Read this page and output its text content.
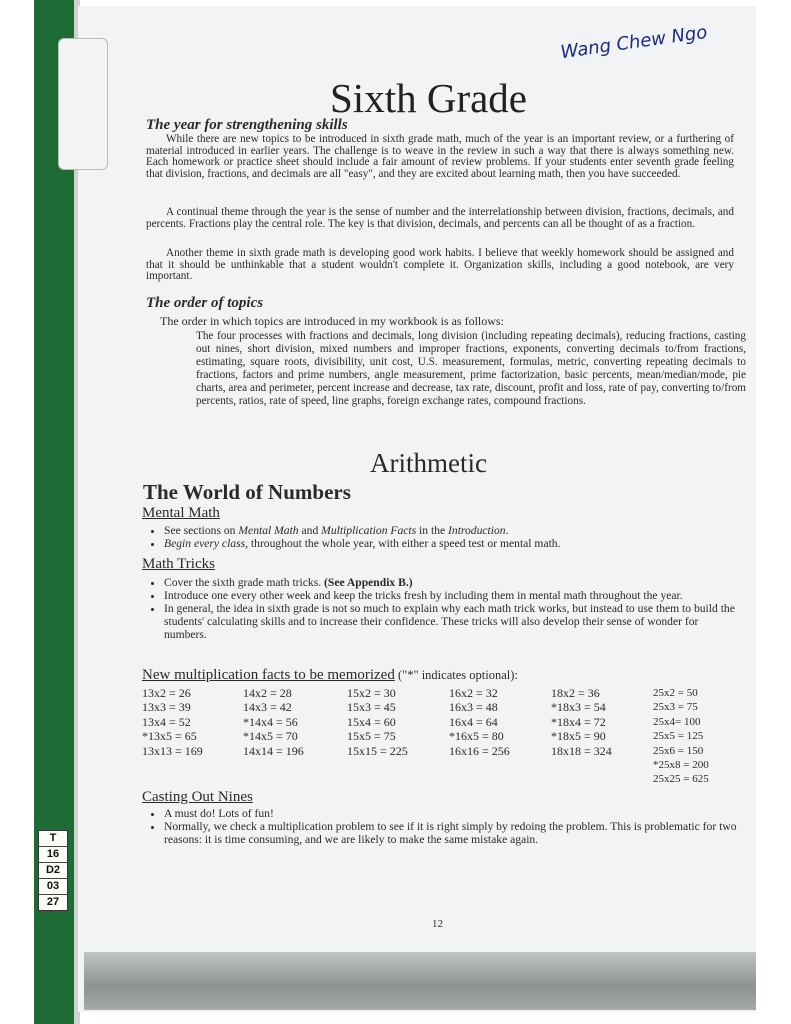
T
16
D2
03
27
Wang Chew Ngo
Sixth Grade
The year for strengthening skills
While there are new topics to be introduced in sixth grade math, much of the year is an important review, or a furthering of material introduced in earlier years. The challenge is to weave in the review in such a way that there is always something new. Each homework or practice sheet should include a fair amount of review problems. If your students enter seventh grade feeling that division, fractions, and decimals are all "easy", and they are excited about learning math, then you have succeeded.
A continual theme through the year is the sense of number and the interrelationship between division, fractions, decimals, and percents. Fractions play the central role. The key is that division, decimals, and percents can all be thought of as a fraction.
Another theme in sixth grade math is developing good work habits. I believe that weekly homework should be assigned and that it should be unthinkable that a student wouldn't complete it. Organization skills, including a good notebook, are very important.
The order of topics
The order in which topics are introduced in my workbook is as follows:
The four processes with fractions and decimals, long division (including repeating decimals), reducing fractions, casting out nines, short division, mixed numbers and improper fractions, exponents, converting decimals to/from fractions, estimating, square roots, divisibility, unit cost, U.S. measurement, formulas, metric, converting repeating decimals to fractions, factors and prime numbers, angle measurement, prime factorization, basic percents, mean/median/mode, pie charts, area and perimeter, percent increase and decrease, tax rate, discount, profit and loss, rate of pay, converting to/from percents, ratios, rate of speed, line graphs, foreign exchange rates, compound fractions.
Arithmetic
The World of Numbers
Mental Math
• See sections on Mental Math and Multiplication Facts in the Introduction.
• Begin every class, throughout the whole year, with either a speed test or mental math.
Math Tricks
• Cover the sixth grade math tricks. (See Appendix B.)
• Introduce one every other week and keep the tricks fresh by including them in mental math throughout the year.
• In general, the idea in sixth grade is not so much to explain why each math trick works, but instead to use them to build the students' calculating skills and to increase their confidence. These tricks will also develop their sense of wonder for numbers.
New multiplication facts to be memorized ("*" indicates optional):
13x2 = 26
13x3 = 39
13x4 = 52
*13x5 = 65
13x13 = 169
14x2 = 28
14x3 = 42
*14x4 = 56
*14x5 = 70
14x14 = 196
15x2 = 30
15x3 = 45
15x4 = 60
15x5 = 75
15x15 = 225
16x2 = 32
16x3 = 48
16x4 = 64
*16x5 = 80
16x16 = 256
18x2 = 36
*18x3 = 54
*18x4 = 72
*18x5 = 90
18x18 = 324
25x2 = 50
25x3 = 75
25x4= 100
25x5 = 125
25x6 = 150
*25x8 = 200
25x25 = 625
Casting Out Nines
• A must do! Lots of fun!
• Normally, we check a multiplication problem to see if it is right simply by redoing the problem. This is problematic for two reasons: it is time consuming, and we are likely to make the same mistake again.
12
